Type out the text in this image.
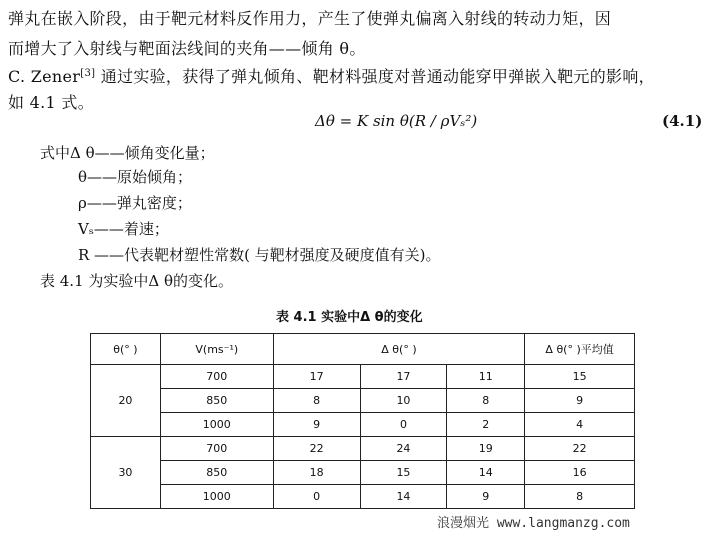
弹丸在嵌入阶段，由于靶元材料反作用力，产生了使弹丸偏离入射线的转动力矩，因
而增大了入射线与靶面法线间的夹角——倾角 θ。
C. Zener[3] 通过实验，获得了弹丸倾角、靶材料强度对普通动能穿甲弹嵌入靶元的影响，
如 4.1 式。
Δθ = K sin θ(R / ρVₛ²)	(4.1)
式中Δ θ——倾角变化量；
θ——原始倾角；
ρ——弹丸密度；
Vₛ——着速；
R ——代表靶材塑性常数( 与靶材强度及硬度值有关)。
表 4.1 为实验中Δ θ的变化。
表 4.1 实验中Δ θ的变化
θ(° )	V(ms⁻¹)	Δ θ(° )			Δ θ(° )平均值
20	700	17	17	11	15
	850	8	10	8	9
	1000	9	0	2	4
30	700	22	24	19	22
	850	18	15	14	16
	1000	0	14	9	8
浪漫烟光 www.langmanzg.com
